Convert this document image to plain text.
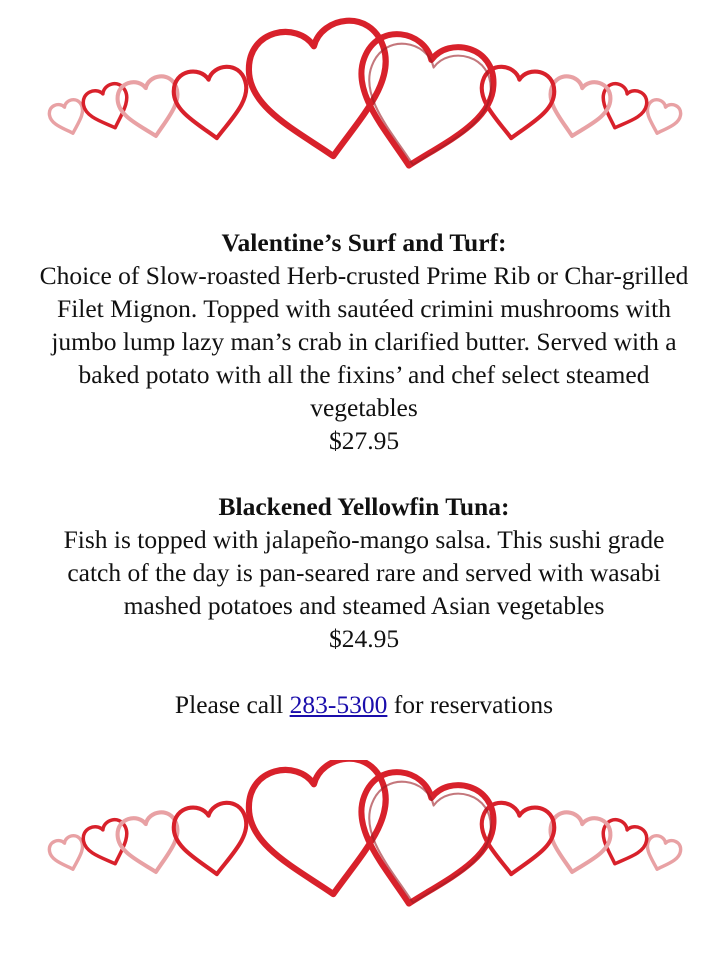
Valentine’s Surf and Turf:
Choice of Slow-roasted Herb-crusted Prime Rib or Char-grilled Filet Mignon. Topped with sautéed crimini mushrooms with jumbo lump lazy man’s crab in clarified butter. Served with a baked potato with all the fixins’ and chef select steamed vegetables
$27.95
Blackened Yellowfin Tuna:
Fish is topped with jalapeño-mango salsa. This sushi grade catch of the day is pan-seared rare and served with wasabi mashed potatoes and steamed Asian vegetables
$24.95
Please call 283-5300 for reservations
